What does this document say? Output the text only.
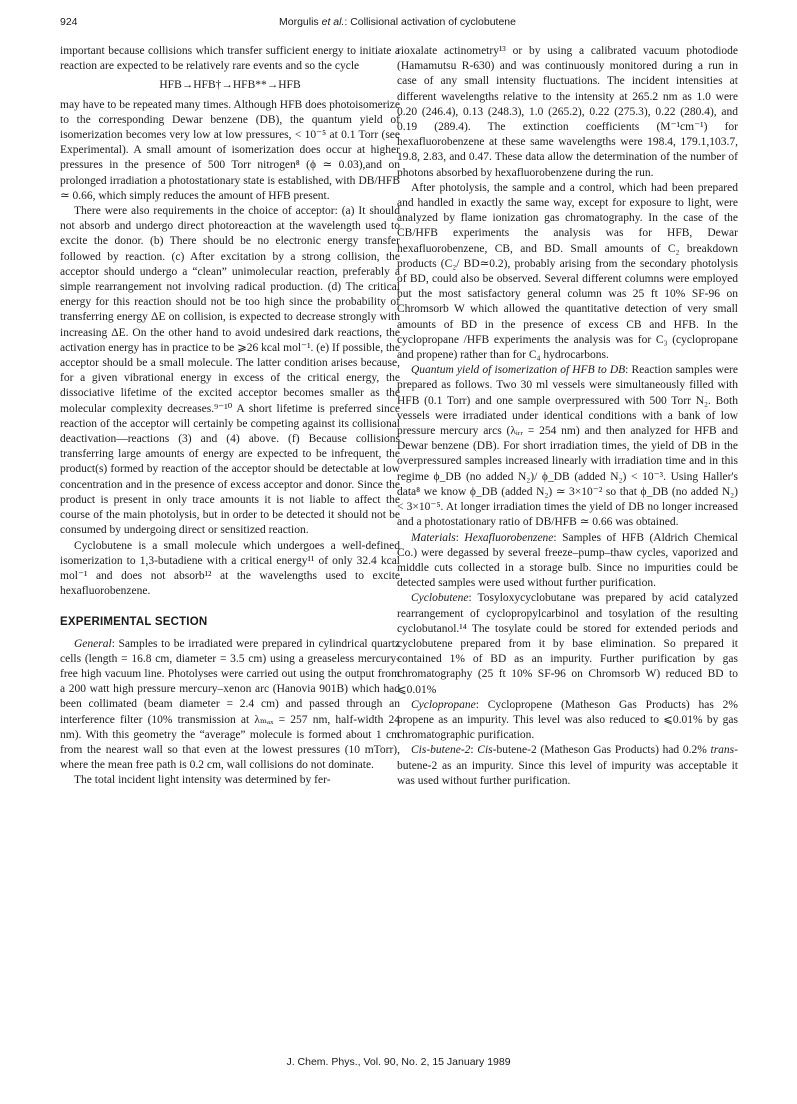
924	Morgulis et al.: Collisional activation of cyclobutene

important because collisions which transfer sufficient energy to initiate a reaction are expected to be relatively rare events and so the cycle

HFB→HFB†→HFB**→HFB

may have to be repeated many times. Although HFB does photoisomerize to the corresponding Dewar benzene (DB), the quantum yield of isomerization becomes very low at low pressures, < 10⁻⁵ at 0.1 Torr (see Experimental). A small amount of isomerization does occur at higher pressures in the presence of 500 Torr nitrogen⁸ (ϕ ≃ 0.03),and on prolonged irradiation a photostationary state is established, with DB/HFB ≃ 0.66, which simply reduces the amount of HFB present.

There were also requirements in the choice of acceptor: (a) It should not absorb and undergo direct photoreaction at the wavelength used to excite the donor. (b) There should be no electronic energy transfer followed by reaction. (c) After excitation by a strong collision, the acceptor should undergo a “clean” unimolecular reaction, preferably a simple rearrangement not involving radical production. (d) The critical energy for this reaction should not be too high since the probability of transferring energy ΔE on collision, is expected to decrease strongly with increasing ΔE. On the other hand to avoid undesired dark reactions, the activation energy has in practice to be ⩾26 kcal mol⁻¹. (e) If possible, the acceptor should be a small molecule. The latter condition arises because, for a given vibrational energy in excess of the critical energy, the dissociative lifetime of the excited acceptor becomes smaller as the molecular complexity decreases.⁹⁻¹⁰ A short lifetime is preferred since reaction of the acceptor will certainly be competing against its collisional deactivation—reactions (3) and (4) above. (f) Because collisions transferring large amounts of energy are expected to be infrequent, the product(s) formed by reaction of the acceptor should be detectable at low concentration and in the presence of excess acceptor and donor. Since the product is present in only trace amounts it is not liable to affect the course of the main photolysis, but in order to be detected it should not be consumed by undergoing direct or sensitized reaction.

Cyclobutene is a small molecule which undergoes a well-defined isomerization to 1,3-butadiene with a critical energy¹¹ of only 32.4 kcal mol⁻¹ and does not absorb¹² at the wavelengths used to excite hexafluorobenzene.

EXPERIMENTAL SECTION

General: Samples to be irradiated were prepared in cylindrical quartz cells (length = 16.8 cm, diameter = 3.5 cm) using a greaseless mercury-free high vacuum line. Photolyses were carried out using the output from a 200 watt high pressure mercury–xenon arc (Hanovia 901B) which had been collimated (beam diameter = 2.4 cm) and passed through an interference filter (10% transmission at λₘₐₓ = 257 nm, half-width 24 nm). With this geometry the “average” molecule is formed about 1 cm from the nearest wall so that even at the lowest pressures (10 mTorr), where the mean free path is 0.2 cm, wall collisions do not dominate.

The total incident light intensity was determined by fer-

rioxalate actinometry¹³ or by using a calibrated vacuum photodiode (Hamamutsu R-630) and was continuously monitored during a run in case of any small intensity fluctuations. The incident intensities at different wavelengths relative to the intensity at 265.2 nm as 1.0 were 0.20 (246.4), 0.13 (248.3), 1.0 (265.2), 0.22 (275.3), 0.22 (280.4), and 0.19 (289.4). The extinction coefficients (M⁻¹cm⁻¹) for hexafluorobenzene at these same wavelengths were 198.4, 179.1,103.7, 19.8, 2.83, and 0.47. These data allow the determination of the number of photons absorbed by hexafluorobenzene during the run.

After photolysis, the sample and a control, which had been prepared and handled in exactly the same way, except for exposure to light, were analyzed by flame ionization gas chromatography. In the case of the CB/HFB experiments the analysis was for HFB, Dewar hexafluorobenzene, CB, and BD. Small amounts of C₂ breakdown products (C₂/ BD≃0.2), probably arising from the secondary photolysis of BD, could also be observed. Several different columns were employed but the most satisfactory general column was 25 ft 10% SF-96 on Chromsorb W which allowed the quantitative detection of very small amounts of BD in the presence of excess CB and HFB. In the cyclopropane /HFB experiments the analysis was for C₃ (cyclopropane and propene) rather than for C₄ hydrocarbons.

Quantum yield of isomerization of HFB to DB: Reaction samples were prepared as follows. Two 30 ml vessels were simultaneously filled with HFB (0.1 Torr) and one sample overpressured with 500 Torr N₂. Both vessels were irradiated under identical conditions with a bank of low pressure mercury arcs (λᵢᵣᵣ = 254 nm) and then analyzed for HFB and Dewar benzene (DB). For short irradiation times, the yield of DB in the overpressured samples increased linearly with irradiation time and in this regime ϕ_DB (no added N₂)/ ϕ_DB (added N₂) < 10⁻³. Using Haller's data⁸ we know ϕ_DB (added N₂) ≃ 3×10⁻² so that ϕ_DB (no added N₂) < 3×10⁻⁵. At longer irradiation times the yield of DB no longer increased and a photostationary ratio of DB/HFB ≃ 0.66 was obtained.

Materials: Hexafluorobenzene: Samples of HFB (Aldrich Chemical Co.) were degassed by several freeze–pump–thaw cycles, vaporized and middle cuts collected in a storage bulb. Since no impurities could be detected samples were used without further purification.

Cyclobutene: Tosyloxycyclobutane was prepared by acid catalyzed rearrangement of cyclopropylcarbinol and tosylation of the resulting cyclobutanol.¹⁴ The tosylate could be stored for extended periods and cyclobutene prepared from it by base elimination. So prepared it contained 1% of BD as an impurity. Further purification by gas chromatography (25 ft 10% SF-96 on Chromsorb W) reduced BD to ⩽0.01%

Cyclopropane: Cyclopropene (Matheson Gas Products) has 2% propene as an impurity. This level was also reduced to ⩽0.01% by gas chromatographic purification.

Cis-butene-2: Cis-butene-2 (Matheson Gas Products) had 0.2% trans-butene-2 as an impurity. Since this level of impurity was acceptable it was used without further purification.

J. Chem. Phys., Vol. 90, No. 2, 15 January 1989
